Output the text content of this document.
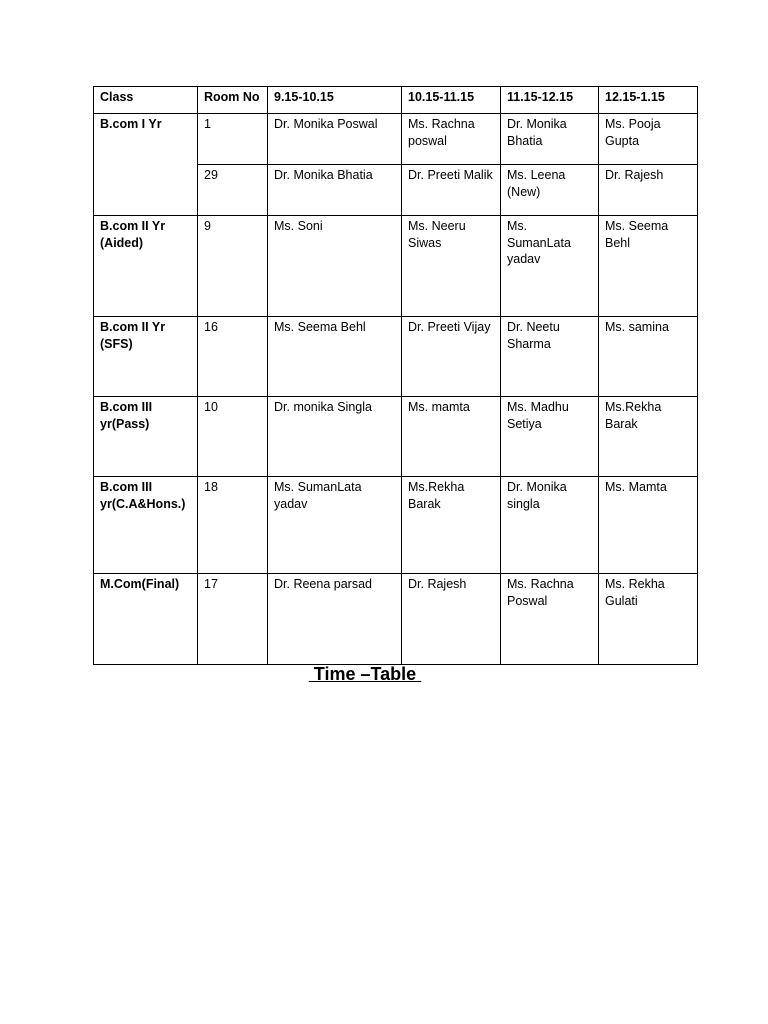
Class	Room No	9.15-10.15	10.15-11.15	11.15-12.15	12.15-1.15
B.com I Yr	1	Dr. Monika Poswal	Ms. Rachna poswal	Dr. Monika Bhatia	Ms. Pooja Gupta
	29	Dr. Monika Bhatia	Dr. Preeti Malik	Ms. Leena (New)	Dr. Rajesh
B.com II Yr (Aided)	9	Ms. Soni	Ms. Neeru Siwas	Ms. SumanLata yadav	Ms. Seema Behl
B.com II Yr (SFS)	16	Ms. Seema Behl	Dr. Preeti Vijay	Dr. Neetu Sharma	Ms. samina
B.com III yr(Pass)	10	Dr. monika Singla	Ms. mamta	Ms. Madhu Setiya	Ms.Rekha Barak
B.com III yr(C.A&Hons.)	18	Ms. SumanLata yadav	Ms.Rekha Barak	Dr. Monika singla	Ms. Mamta
M.Com(Final)	17	Dr. Reena parsad	Dr. Rajesh	Ms. Rachna Poswal	Ms. Rekha Gulati
Time –Table
